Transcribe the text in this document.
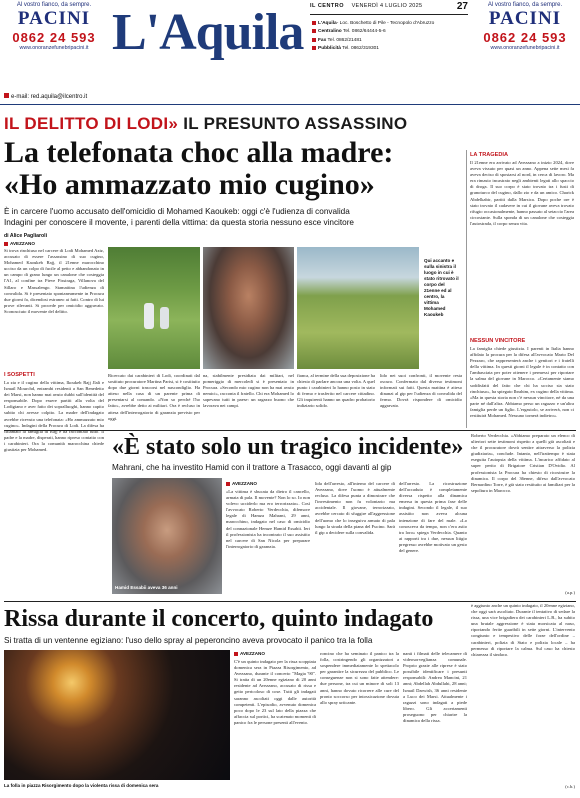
Al vostro fianco, da sempre.
PACINI
0862 24 593
www.onoranzefunebripacini.it
Al vostro fianco, da sempre.
PACINI
0862 24 593
www.onoranzefunebripacini.it
L'Aquila IL CENTRO VENERDÌ 4 LUGLIO 2025	27
L'Aquila- Loc. Boschetto di Pile - Tecnopolo d'Abruzzo
Centralino Tel. 0862/64444-5-6
Fax Tel. 0862/21481
Pubblicità Tel. 0862/319301
e-mail: red.aquila@ilcentro.it
IL DELITTO DI LODI» IL PRESUNTO ASSASSINO
La telefonata choc alla madre:
«Ho ammazzato mio cugino»
È in carcere l'uomo accusato dell'omicidio di Mohamed Kaoukeb: oggi c'è l'udienza di convalida
Indagini per conoscere il movente, i parenti della vittima: da questa storia nessuno esce vincitore
di Alice Pagliaroli
AVEZZANO
Si trova rinchiuso nel carcere di Lodi Mohamed Aziz, accusato di essere l'assassino di suo cugino, Mohamed Kaoukeb Rajj, il 21enne marocchino ucciso da un colpo di fucile al petto e abbandonato in un campo di grano lungo un canalone che costeggia l'A1, al confine tra Pieve Fissiraga, Villanova del Sillaro e Massalengo. Stamattina l'udienza di convalida. Si è presentato spontaneamente in Procura due giorni fa, dicendosi estraneo ai fatti. Contro di lui prove rilevanti. Si procede per omicidio aggravato. Sconosciuto il movente del delitto.
I SOSPETTI
La zia e il cugino della vittima, Ikoukeb Rajj Jlali e Ismail Mourchd, entrambi residenti a San Benedetto dei Marsi, non hanno mai avuto dubbi sull'identità del responsabile. Dopo essere partiti alla volta del Lodigiano e aver fatto dei sopralluoghi, hanno capito subito chi avesse colpito. La madre dell'indagato avrebbe ricevuto una telefonata: «Ho ammazzato mio cugino». Indagini della Procura di Lodi. La difesa ha chiamato la famiglia di Rajj e ha raccontato tutto. Il padre e la madre, disperati, hanno ripreso contatto con i carabinieri. Ora la comunità marocchina chiede giustizia per Mohamed.
Qui accanto e sulla sinistra il luogo in cui è stato ritrovato il corpo del 21enne ed al centro, la vittima Mohamed Kaoukeb
Ricercato dai carabinieri di Lodi, coordinati dal sostituto procuratore Martina Parisi, si è costituito dopo due giorni trascorsi nel nascondiglio. Ha atteso nella casa di un parente prima di presentarsi al comando. «Non so perché l'ho fatto», avrebbe detto ai militari. Ora è recluso in attesa dell'interrogatorio di garanzia previsto per oggi.
na, stabilmente presidiata dai militari, nel pomeriggio di mercoledì si è presentato in Procura. «Secondo mio cugino non ha mai avuto nemici», racconta il fratello. Chi era Mohamed lo sapevano tutti in paese: un ragazzo buono che lavorava nei campi.
fianca, al termine della sua deposizione ha chiesto di parlare ancora una volta. A quel punto i carabinieri lo hanno posto in stato di fermo e trasferito nel carcere cittadino. Gli inquirenti hanno un quadro probatorio indiziario solido.
lido nei suoi confronti, il movente resta oscuro. Confermato dal diverso testimoni informati sui fatti. Questa mattina è atteso dinanzi al gip per l'udienza di convalida del fermo. Dovrà rispondere di omicidio aggravato.
LA TRAGEDIA
Il 21enne era arrivato ad Avezzano a inizio 2024, dove aveva vissuto per quasi un anno. Appena sette mesi fa aveva deciso di spostarsi al nord, in cerca di lavoro. Ma era rimasto incastrato negli ambienti legati allo spaccio di droga. Il suo corpo è stato trovato tra i fusti di granoturco del cugino, dallo zio e da un amico. Charick Abdelkabir, partiti dalla Marsica. Dopo poche ore è stato trovato il cadavere in cui il giovane aveva trovato rifugio occasionalmente, hanno passato al setaccio l'area circostante. Sulla sponda di un canalone che costeggia l'autostrada, il corpo senza vita.
NESSUN VINCITORE
La famiglia chiede giustizia. I parenti in Italia hanno affidato la procura per la difesa all'avvocato Mario Del Pezzaro, che rappresenterà anche i genitori e i fratelli della vittima. In questi giorni il legale è in contatto con l'ambasciata per poter ottenere i permessi per riportare la salma del giovane in Marocco. «Certamente siamo soddisfatti del fatto che chi ha ucciso sia stato rinchiuso», ha spiegato Ibrahim, ex cugino della vittima. «Ma in questa storia non c'è nessun vincitore, né da una parte né dall'altra. Abbiamo perso un ragazzo e un'altra famiglia perde un figlio. L'ergastolo, se arriverà, non ci restituirà Mohamed. Nessuno tornerà indietro».
«È stato solo un tragico incidente»
Mahrani, che ha investito Hamid con il trattore a Trasacco, oggi davanti al gip
Hamid Essabii aveva 36 anni
AVEZZANO
«La vittima è sbucata da dietro il cancello, armata di pala. Il movente? Non lo so. Io non volevo ucciderlo ma ero terrorizzato». Così l'avvocato Roberto Verdecchia, difensore legale di Hamza Mahrani, 29 anni, marocchino, indagato nel caso di omicidio del connazionale Hemze Hamid Essabii. Ieri il professionista ha incontrato il suo assistito nel carcere di San Nicola per preparare l'interrogatorio di garanzia.
lida dell'arresto, all'interno del carcere di Avezzano, dove l'uomo è attualmente recluso. La difesa punta a dimostrare che l'investimento non fu volontario ma accidentale. Il giovane, terrorizzato, avrebbe cercato di sfuggire all'aggressione dell'uomo che lo inseguiva armato di pala lungo la strada della piana del Fucino. Sarà il gip a decidere sulla convalida.
dell'arresto. La ricostruzione dell'accaduto è completamente diversa rispetto alla dinamica emersa in questa prima fase delle indagini. Secondo il legale, il suo assistito non aveva alcuna intenzione di fare del male. «Lo conosceva da tempo, non c'era astio tra loro» spiega Verdecchia. Quanto ai rapporti tra i due, nessun litigio pregresso avrebbe motivato un gesto del genere.
Roberto Verdecchia. «Abbiamo preparato un elenco di ulteriori sette testimoni rispetto a quelli già ascoltati e che il procuratore dovrà sentire attraverso la polizia giudiziaria», conclude. Intanto, nell'trattempo è stata eseguita l'autopsia della vittima. L'incarico affidato al super perito di Brigatore Cristian D'Ovidio. Al professionista la Procura ha chiesto di ricostruire la dinamica. Il corpo del 36enne, difeso dall'avvocato Bernardino Torre, è già stato restituito ai familiari per la sepoltura in Marocco.
(a.p.)
Rissa durante il concerto, quinto indagato
Si tratta di un ventenne egiziano: l'uso dello spray al peperoncino aveva provocato il panico tra la folla
La folla in piazza Risorgimento dopo la violenta rissa di domenica sera
AVEZZANO
C'è un quinto indagato per la rissa scoppiata domenica sera in Piazza Risorgimento, ad Avezzano, durante il concerto "Magia '90". Si tratta di un 20enne egiziano di 20 anni residente ad Avezzano, accusato di rissa e getto pericoloso di cose. Tutti gli indagati saranno ascoltati oggi dalle autorità competenti. L'episodio, avvenuto domenica poco dopo le 23 sul lato della piazza che affaccia sul portici, ha scatenato momenti di panico fra le persone presenti all'evento.
roncino che ha seminato il panico tra la folla, costringendo gli organizzatori a sospendere immediatamente lo spettacolo per garantire la sicurezza del pubblico. Le conseguenze non si sono fatte attendere: due persone, tra cui un minore di soli 13 anni, hanno dovuto ricorrere alle cure del pronto soccorso per intossicazione dovuta allo spray urticante.
nanti i filmati delle telecamere di videosorveglianza comunale. Proprio grazie alle riprese è stato possibile identificare i presunti responsabili: Andrea Mancini, 21 anni; Abdellah Abdullahi, 28 anni; Ismail Darwish, 36 anni residente a Luco dei Marsi. Attualmente i ragazzi sono indagati a piede libero. Gli accertamenti proseguono per chiarire la dinamica della rissa.
è aggiunto anche un quinto indagato, il 20enne egiziano, che oggi sarà ascoltato. Durante il tentativo di sedare la rissa, una vice brigadiera dei carabinieri L.B., ha subito una brutale aggressione è stata morsicata al naso, riportando ferite guaribili in sette giorni. L'intervento congiunto e tempestivo delle forze dell'ordine – carabinieri, polizia di Stato e polizia locale – ha permesso di riportare la calma. Sul caso ha chiesto chiarezza il sindaco.
(c.b.)
